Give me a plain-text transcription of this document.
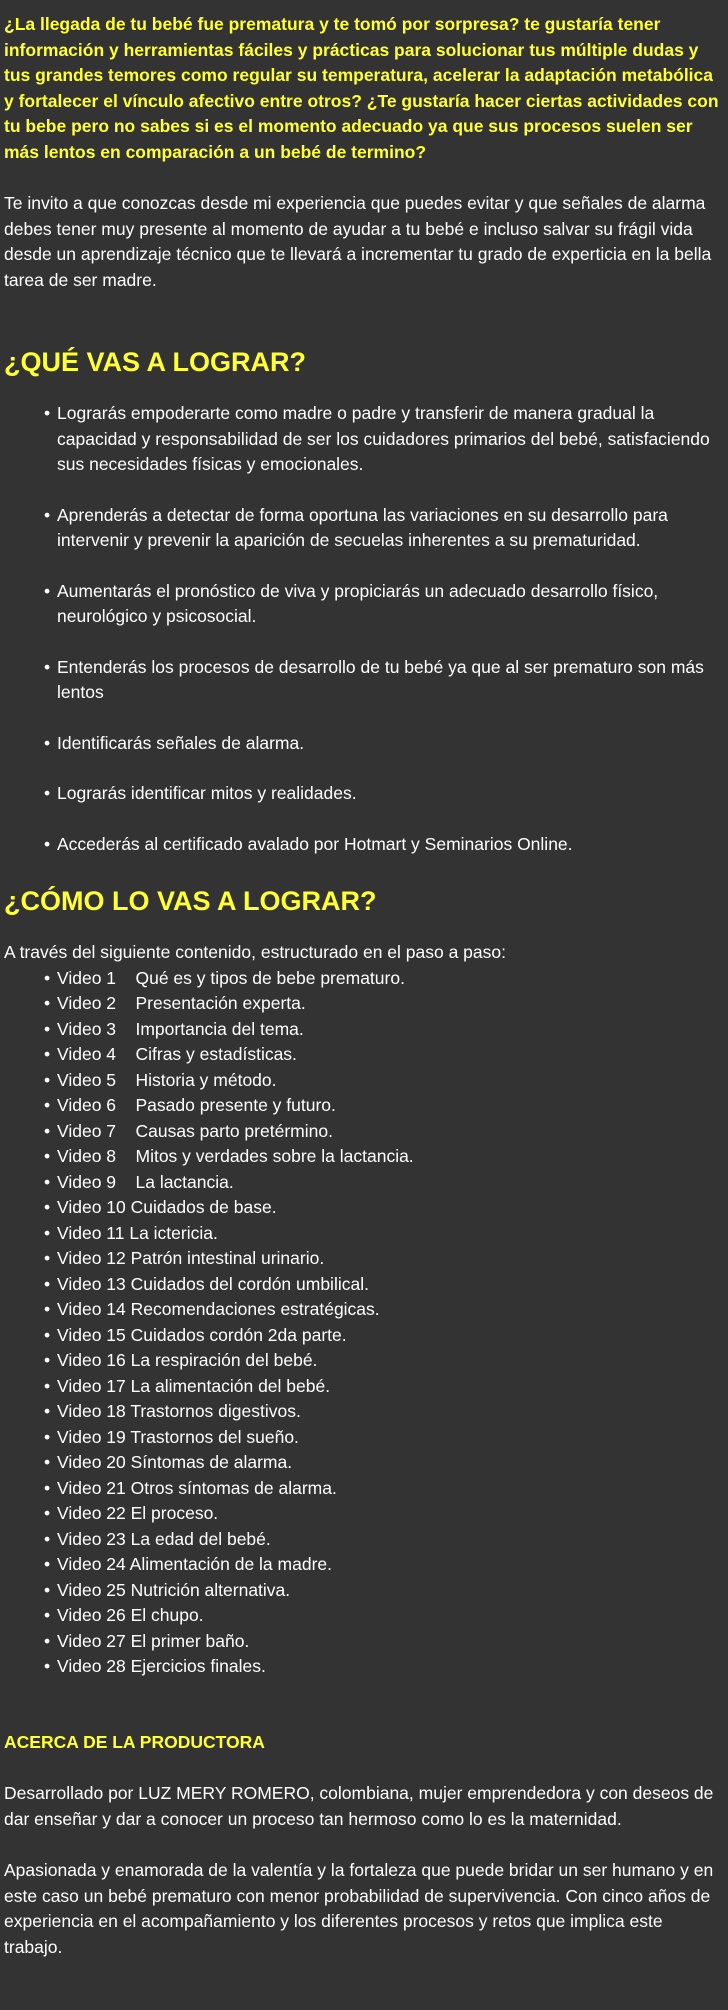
¿La llegada de tu bebé fue prematura y te tomó por sorpresa? te gustaría tener información y herramientas fáciles y prácticas para solucionar tus múltiple dudas y tus grandes temores como regular su temperatura, acelerar la adaptación metabólica y fortalecer el vínculo afectivo entre otros? ¿Te gustaría hacer ciertas actividades con tu bebe pero no sabes si es el momento adecuado ya que sus procesos suelen ser más lentos en comparación a un bebé de termino?

Te invito a que conozcas desde mi experiencia que puedes evitar y que señales de alarma debes tener muy presente al momento de ayudar a tu bebé e incluso salvar su frágil vida desde un aprendizaje técnico que te llevará a incrementar tu grado de experticia en la bella tarea de ser madre.

¿QUÉ VAS A LOGRAR?
• Lograrás empoderarte como madre o padre y transferir de manera gradual la capacidad y responsabilidad de ser los cuidadores primarios del bebé, satisfaciendo sus necesidades físicas y emocionales.
• Aprenderás a detectar de forma oportuna las variaciones en su desarrollo para intervenir y prevenir la aparición de secuelas inherentes a su prematuridad.
• Aumentarás el pronóstico de viva y propiciarás un adecuado desarrollo físico, neurológico y psicosocial.
• Entenderás los procesos de desarrollo de tu bebé ya que al ser prematuro son más lentos
• Identificarás señales de alarma.
• Lograrás identificar mitos y realidades.
• Accederás al certificado avalado por Hotmart y Seminarios Online.
¿CÓMO LO VAS A LOGRAR?

A través del siguiente contenido, estructurado en el paso a paso:

• Video 1    Qué es y tipos de bebe prematuro.
• Video 2    Presentación experta.
• Video 3    Importancia del tema.
• Video 4    Cifras y estadísticas.
• Video 5    Historia y método.
• Video 6    Pasado presente y futuro.
• Video 7    Causas parto pretérmino.
• Video 8    Mitos y verdades sobre la lactancia.
• Video 9    La lactancia.
• Video 10 Cuidados de base.
• Video 11 La ictericia.
• Video 12 Patrón intestinal urinario.
• Video 13 Cuidados del cordón umbilical.
• Video 14 Recomendaciones estratégicas.
• Video 15 Cuidados cordón 2da parte.
• Video 16 La respiración del bebé.
• Video 17 La alimentación del bebé.
• Video 18 Trastornos digestivos.
• Video 19 Trastornos del sueño.
• Video 20 Síntomas de alarma.
• Video 21 Otros síntomas de alarma.
• Video 22 El proceso.
• Video 23 La edad del bebé.
• Video 24 Alimentación de la madre.
• Video 25 Nutrición alternativa.
• Video 26 El chupo.
• Video 27 El primer baño.
• Video 28 Ejercicios finales.
ACERCA DE LA PRODUCTORA

Desarrollado por LUZ MERY ROMERO, colombiana, mujer emprendedora y con deseos de dar enseñar y dar a conocer un proceso tan hermoso como lo es la maternidad.

Apasionada y enamorada de la valentía y la fortaleza que puede bridar un ser humano y en este caso un bebé prematuro con menor probabilidad de supervivencia. Con cinco años de experiencia en el acompañamiento y los diferentes procesos y retos que implica este trabajo.
